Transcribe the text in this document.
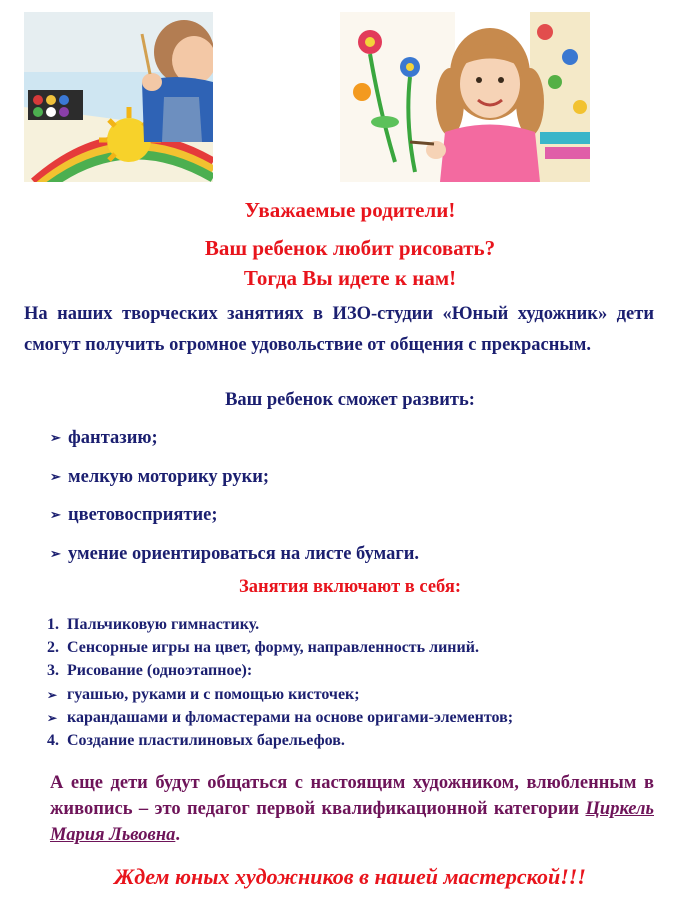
Уважаемые родители!
Ваш ребенок любит рисовать?
Тогда Вы идете к нам!
На наших творческих занятиях в ИЗО-студии «Юный художник» дети смогут получить огромное удовольствие от общения с прекрасным.
Ваш ребенок сможет развить:
➢ фантазию;
➢ мелкую моторику руки;
➢ цветовосприятие;
➢ умение ориентироваться на листе бумаги.
Занятия включают в себя:
1. Пальчиковую гимнастику.
2. Сенсорные игры на цвет, форму, направленность линий.
3. Рисование (одноэтапное):
➢ гуашью, руками и с помощью кисточек;
➢ карандашами и фломастерами на основе оригами-элементов;
4. Создание пластилиновых барельефов.
А еще дети будут общаться с настоящим художником, влюбленным в живопись – это педагог первой квалификационной категории Циркель Мария Львовна.
Ждем юных художников в нашей мастерской!!!
